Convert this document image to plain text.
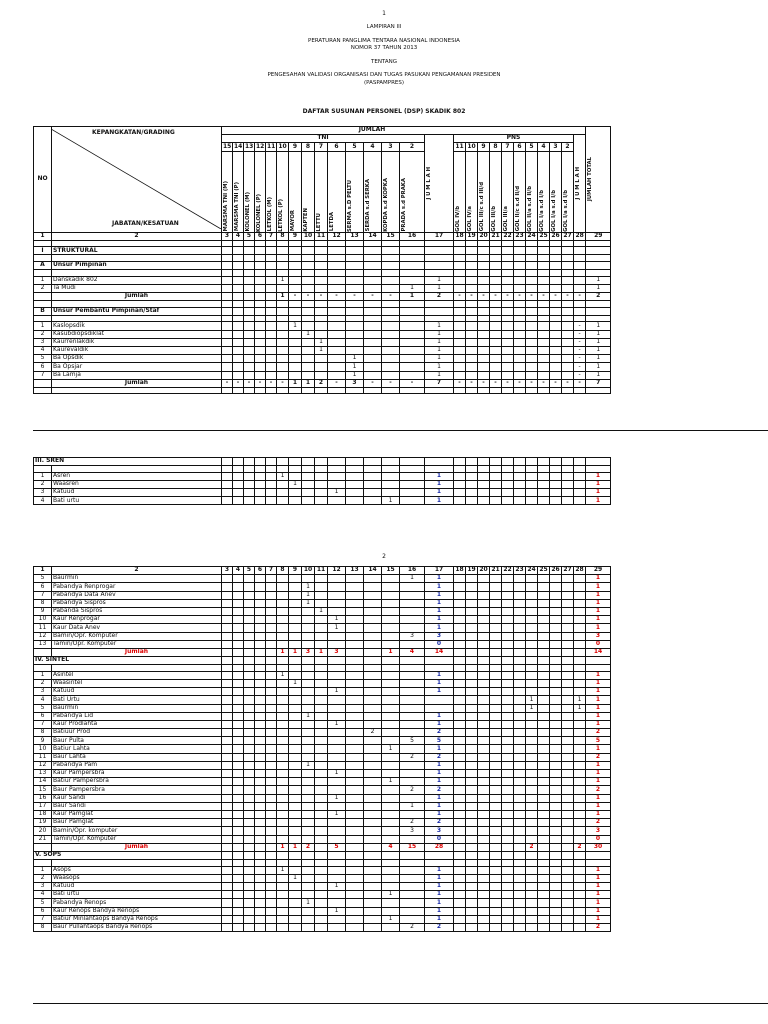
1
LAMPIRAN III
PERATURAN PANGLIMA TENTARA NASIONAL INDONESIA
NOMOR 37 TAHUN 2013
TENTANG
PENGESAHAN VALIDASI ORGANISASI DAN TUGAS PASUKAN PENGAMANAN PRESIDEN
(PASPAMPRES)
DAFTAR SUSUNAN PERSONEL (DSP) SKADIK 802
NO	KEPANGKATAN/GRADING
JABATAN/KESATUAN	JUMLAH																										JUMLAH TOTAL

		TNI														J U M L A H	PNS										J U M L A H	

		15	14	13	12	11	10	9	8	7	6	5	4	3	2		11	10	9	8	7	6	5	4	3	2		

		MARSMA TNI (M)	MARSMA TNI (P)	KOLONEL (M)	KOLONEL (P)	LETKOL (M)	LETKOL (P)	MAYOR	KAPTEN	LETTU	LETDA	SERMA s.D PELTU	SERDA s.d SERKA	KOPDA s.d KOPKA	PRADA s.d PRAKA		GOL IV/b	GOL IV/a	GOL III/c s.d III/d	GOL III/b	GOL III/a	GOL II/c s.d II/d	GOL II/a s.d II/b	GOL I/a s.d I/b	GOL I/a s.d I/b	GOL I/a s.d I/b		

1	2	3	4	5	6	7	8	9	10	11	12	13	14	15	16	17	18	19	20	21	22	23	24	25	26	27	28	29

I	STRUKTURAL																											

A	Unsur Pimpinan																											

1	Danskadik 802						1									1												1
2	Ta Mudi														1	1												1
	Jumlah						1	-	-	-	-	-	-	-	1	2	-	-	-	-	-	-	-	-	-	-	-	2

B	Unsur Pembantu Pimpinan/Staf																											

1	Kaslopsdik							1								1											-	1
2	Kasubdiopsdiklat								1							1											-	1
3	Kaurrenlakdik									1						1											-	1
4	Kaurevaldik									1						1											-	1
5	Ba Opsdik											1				1											-	1
6	Ba Opsjar											1				1											-	1
7	Ba Lamja											1				1											-	1
	Jumlah	-	-	-	-	-	-	1	1	2	-	3	-	-	-	7	-	-	-	-	-	-	-	-	-	-	-	7

III. SREN																												

1	Asren						1									1												1
2	Waasren							1								1												1
3	Katuud										1					1												1
4	Bati urtu													1		1												1
2
1	2	3	4	5	6	7	8	9	10	11	12	13	14	15	16	17	18	19	20	21	22	23	24	25	26	27	28	29
5	Baurmin														1	1												1
6	Pabandya Renprogar								1							1												1
7	Pabandya Data Anev								1							1												1
8	Pabandya Sispros								1							1												1
9	Pabanda Sispros									1						1												1
10	Kaur Renprogar										1					1												1
11	Kaur Data Anev										1					1												1
12	Bamin/Opr. Komputer														3	3												3
13	Tamin/Opr. Komputer															0												0
	Jumlah						1	1	3	1	3			1	4	14												14
IV. SINTEL																												

1	Asintel						1									1												1
2	Waasintel							1								1												1
3	Katuud										1					1												1
4	Bati Urtu																						1				1	1
5	Baurmin																						1				1	1
6	Pabandya Lid								1							1												1
7	Kaur Prodlahta										1					1												1
8	Batiuur Prod												2			2												2
9	Baur Pulta														5	5												5
10	Batiur Lahta													1		1												1
11	Baur Lahta														2	2												2
12	Pabandya Pam								1							1												1
13	Kaur Pampersbra										1					1												1
14	Batiur Pampersbra													1		1												1
15	Baur Pampersbra														2	2												2
16	Kaur Sandi										1					1												1
17	Baur Sandi														1	1												1
18	Kaur Pamglat										1					1												1
19	Baur Pamglat														2	2												2
20	Bamin/Opr. komputer														3	3												3
21	Tamin/Opr. Komputer															0												0
	Jumlah						1	1	2		5			4	15	28							2				2	30
V. SOPS																												

1	Asops						1									1												1
2	Waasops							1								1												1
3	Katuud										1					1												1
4	Bati urtu													1		1												1
5	Pabandya Renops								1							1												1
6	Kaur Renops Bandya Renops										1					1												1
7	Batiur Minlahtaops Bandya Renops													1		1												1
8	Baur Pullahtaops Bandya Renops														2	2												2
